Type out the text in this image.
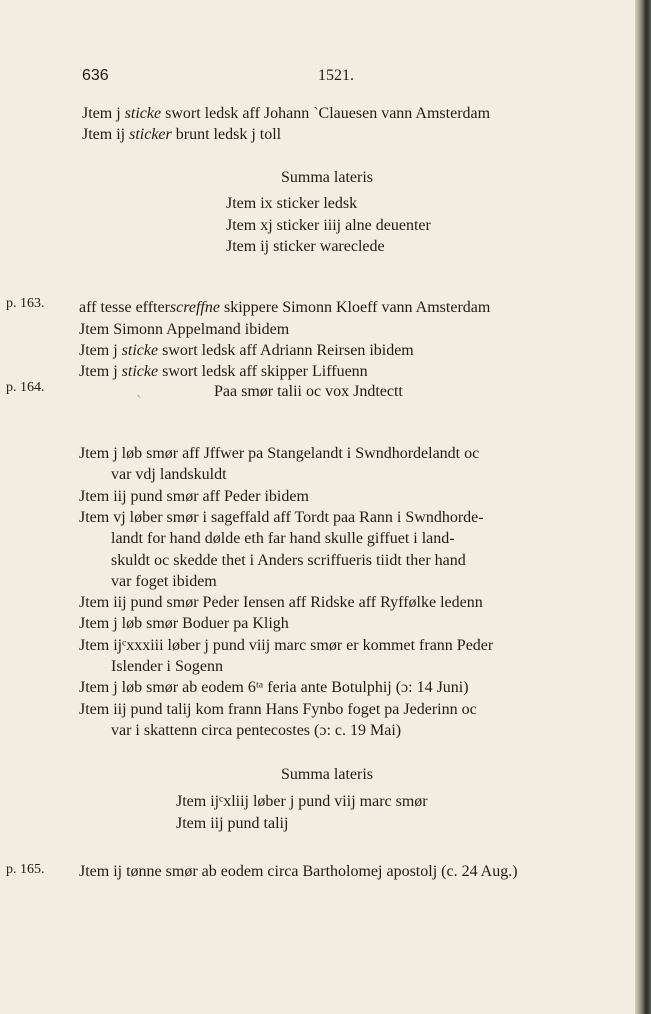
636	1521.
Jtem j sticke swort ledsk aff Johann ˋClauesen vann Amsterdam
Jtem ij sticker brunt ledsk j toll
Summa lateris
Jtem ix sticker ledsk
Jtem xj sticker iiij alne deuenter
Jtem ij sticker wareclede
p. 163. aff tesse effterscreffne skippere Simonn Kloeff vann Amsterdam
Jtem Simonn Appelmand ibidem
Jtem j sticke swort ledsk aff Adriann Reirsen ibidem
Jtem j sticke swort ledsk aff skipper Liffuenn
p. 164.
ˋ
Paa smør talii oc vox Jndtectt
Jtem j løb smør aff Jffwer pa Stangelandt i Swndhordelandt oc
var vdj landskuldt
Jtem iij pund smør aff Peder ibidem
Jtem vj løber smør i sageffald aff Tordt paa Rann i Swndhorde-
landt for hand dølde eth far hand skulle giffuet i land-
skuldt oc skedde thet i Anders scriffueris tiidt ther hand
var foget ibidem
Jtem iij pund smør Peder Iensen aff Ridske aff Ryffølke ledenn
Jtem j løb smør Boduer pa Kligh
Jtem ijᶜxxxiii løber j pund viij marc smør er kommet frann Peder
Islender i Sogenn
Jtem j løb smør ab eodem 6ᵗᵃ feria ante Botulphij (ɔ: 14 Juni)
Jtem iij pund talij kom frann Hans Fynbo foget pa Jederinn oc
var i skattenn circa pentecostes (ɔ: c. 19 Mai)
Summa lateris
Jtem ijᶜxliij løber j pund viij marc smør
Jtem iij pund talij
p. 165. Jtem ij tønne smør ab eodem circa Bartholomej apostolj (c. 24 Aug.)
